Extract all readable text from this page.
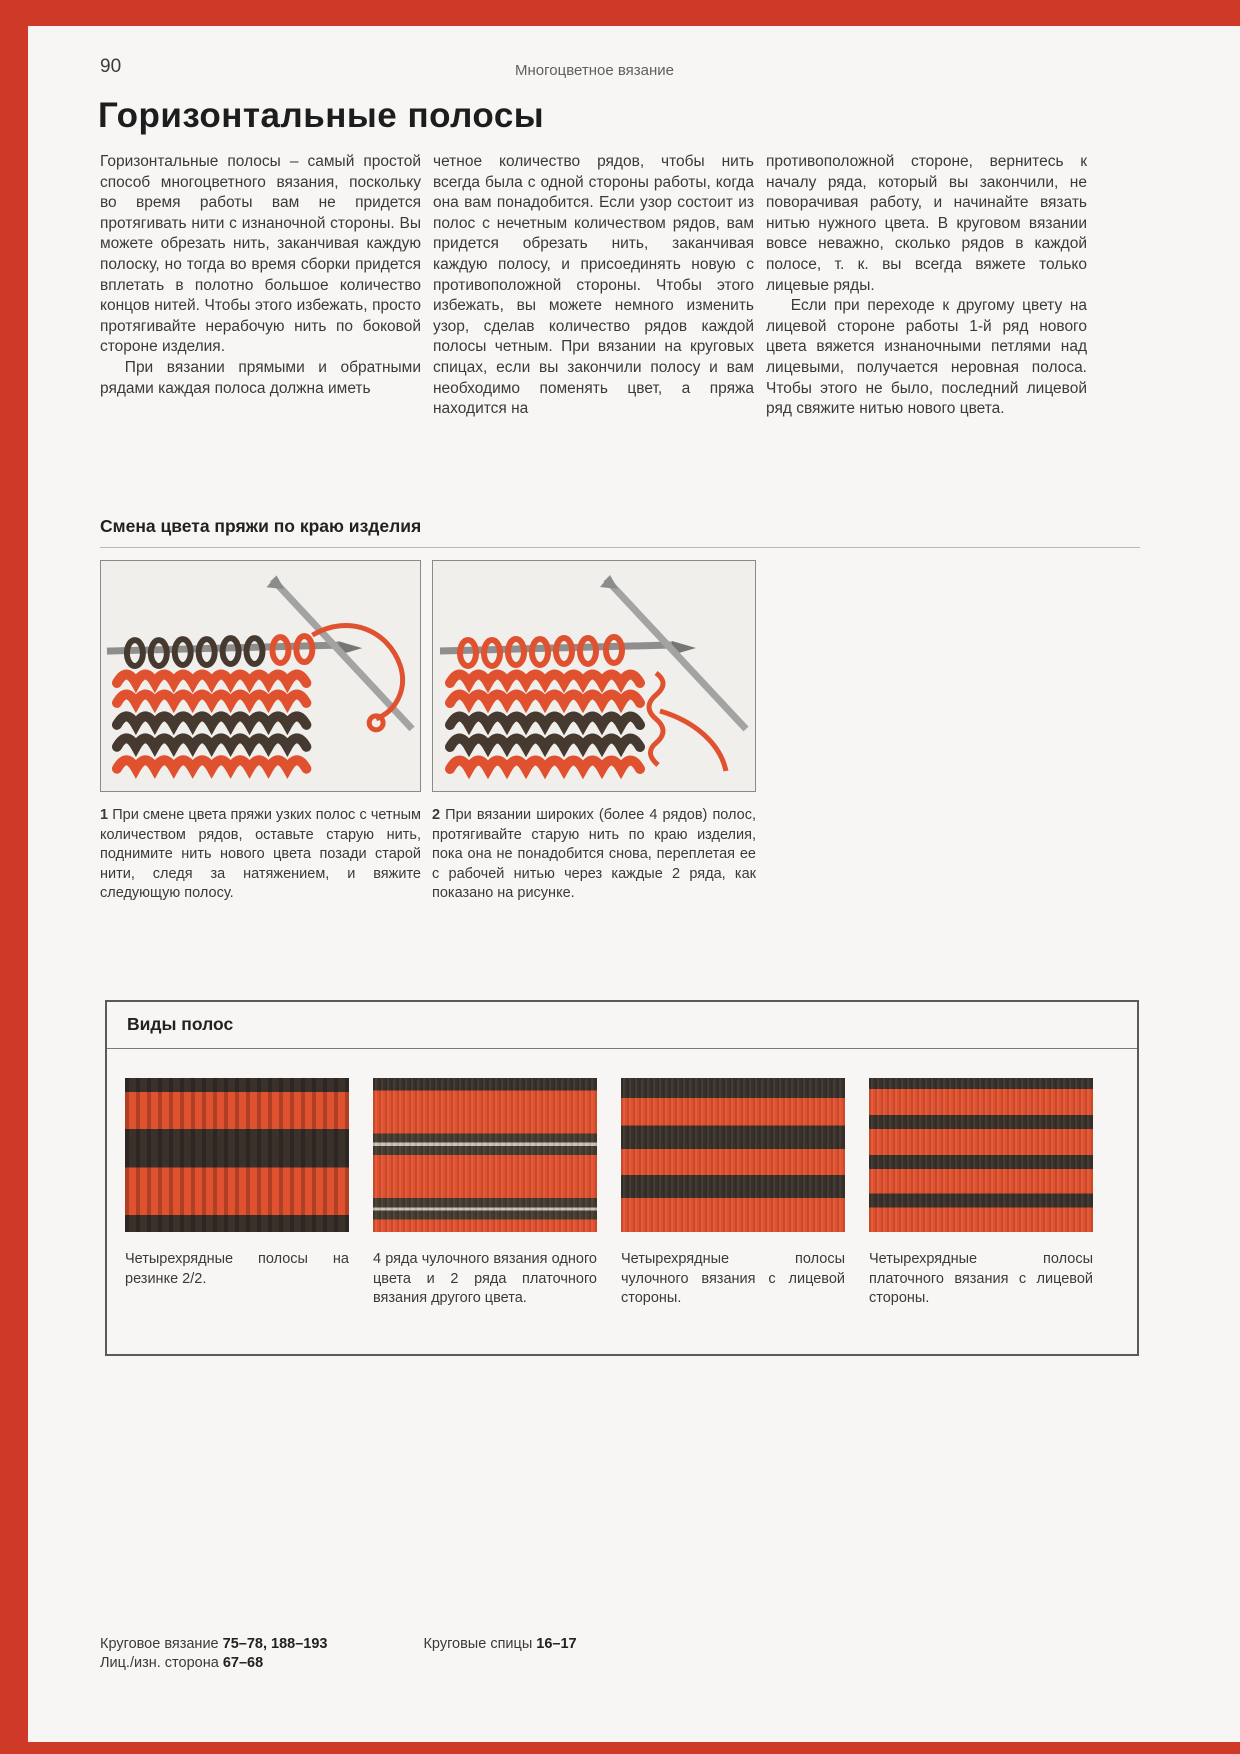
90	Многоцветное вязание
Горизонтальные полосы

Горизонтальные полосы – самый простой способ многоцветного вязания, поскольку во время работы вам не придется протягивать нити с изнаночной стороны. Вы можете обрезать нить, заканчивая каждую полоску, но тогда во время сборки придется вплетать в полотно большое количество концов нитей. Чтобы этого избежать, просто протягивайте нерабочую нить по боковой стороне изделия.

При вязании прямыми и обратными рядами каждая полоса должна иметь

четное количество рядов, чтобы нить всегда была с одной стороны работы, когда она вам понадобится. Если узор состоит из полос с нечетным количеством рядов, вам придется обрезать нить, заканчивая каждую полосу, и присоединять новую с противоположной стороны. Чтобы этого избежать, вы можете немного изменить узор, сделав количество рядов каждой полосы четным. При вязании на круговых спицах, если вы закончили полосу и вам необходимо поменять цвет, а пряжа находится на

противоположной стороне, вернитесь к началу ряда, который вы закончили, не поворачивая работу, и начинайте вязать нитью нужного цвета. В круговом вязании вовсе неважно, сколько рядов в каждой полосе, т. к. вы всегда вяжете только лицевые ряды.

Если при переходе к другому цвету на лицевой стороне работы 1-й ряд нового цвета вяжется изнаночными петлями над лицевыми, получается неровная полоса. Чтобы этого не было, последний лицевой ряд свяжите нитью нового цвета.

Смена цвета пряжи по краю изделия
1 При смене цвета пряжи узких полос с четным количеством рядов, оставьте старую нить, поднимите нить нового цвета позади старой нити, следя за натяжением, и вяжите следующую полосу.
2 При вязании широких (более 4 рядов) полос, протягивайте старую нить по краю изделия, пока она не понадобится снова, переплетая ее с рабочей нитью через каждые 2 ряда, как показано на рисунке.
Виды полос
Четырехрядные полосы на резинке 2/2.
4 ряда чулочного вязания одного цвета и 2 ряда платочного вязания другого цвета.
Четырехрядные полосы чулочного вязания с лицевой стороны.
Четырехрядные полосы платочного вязания с лицевой стороны.
Круговое вязание 75–78, 188–193	Круговые спицы 16–17
Лиц./изн. сторона 67–68
